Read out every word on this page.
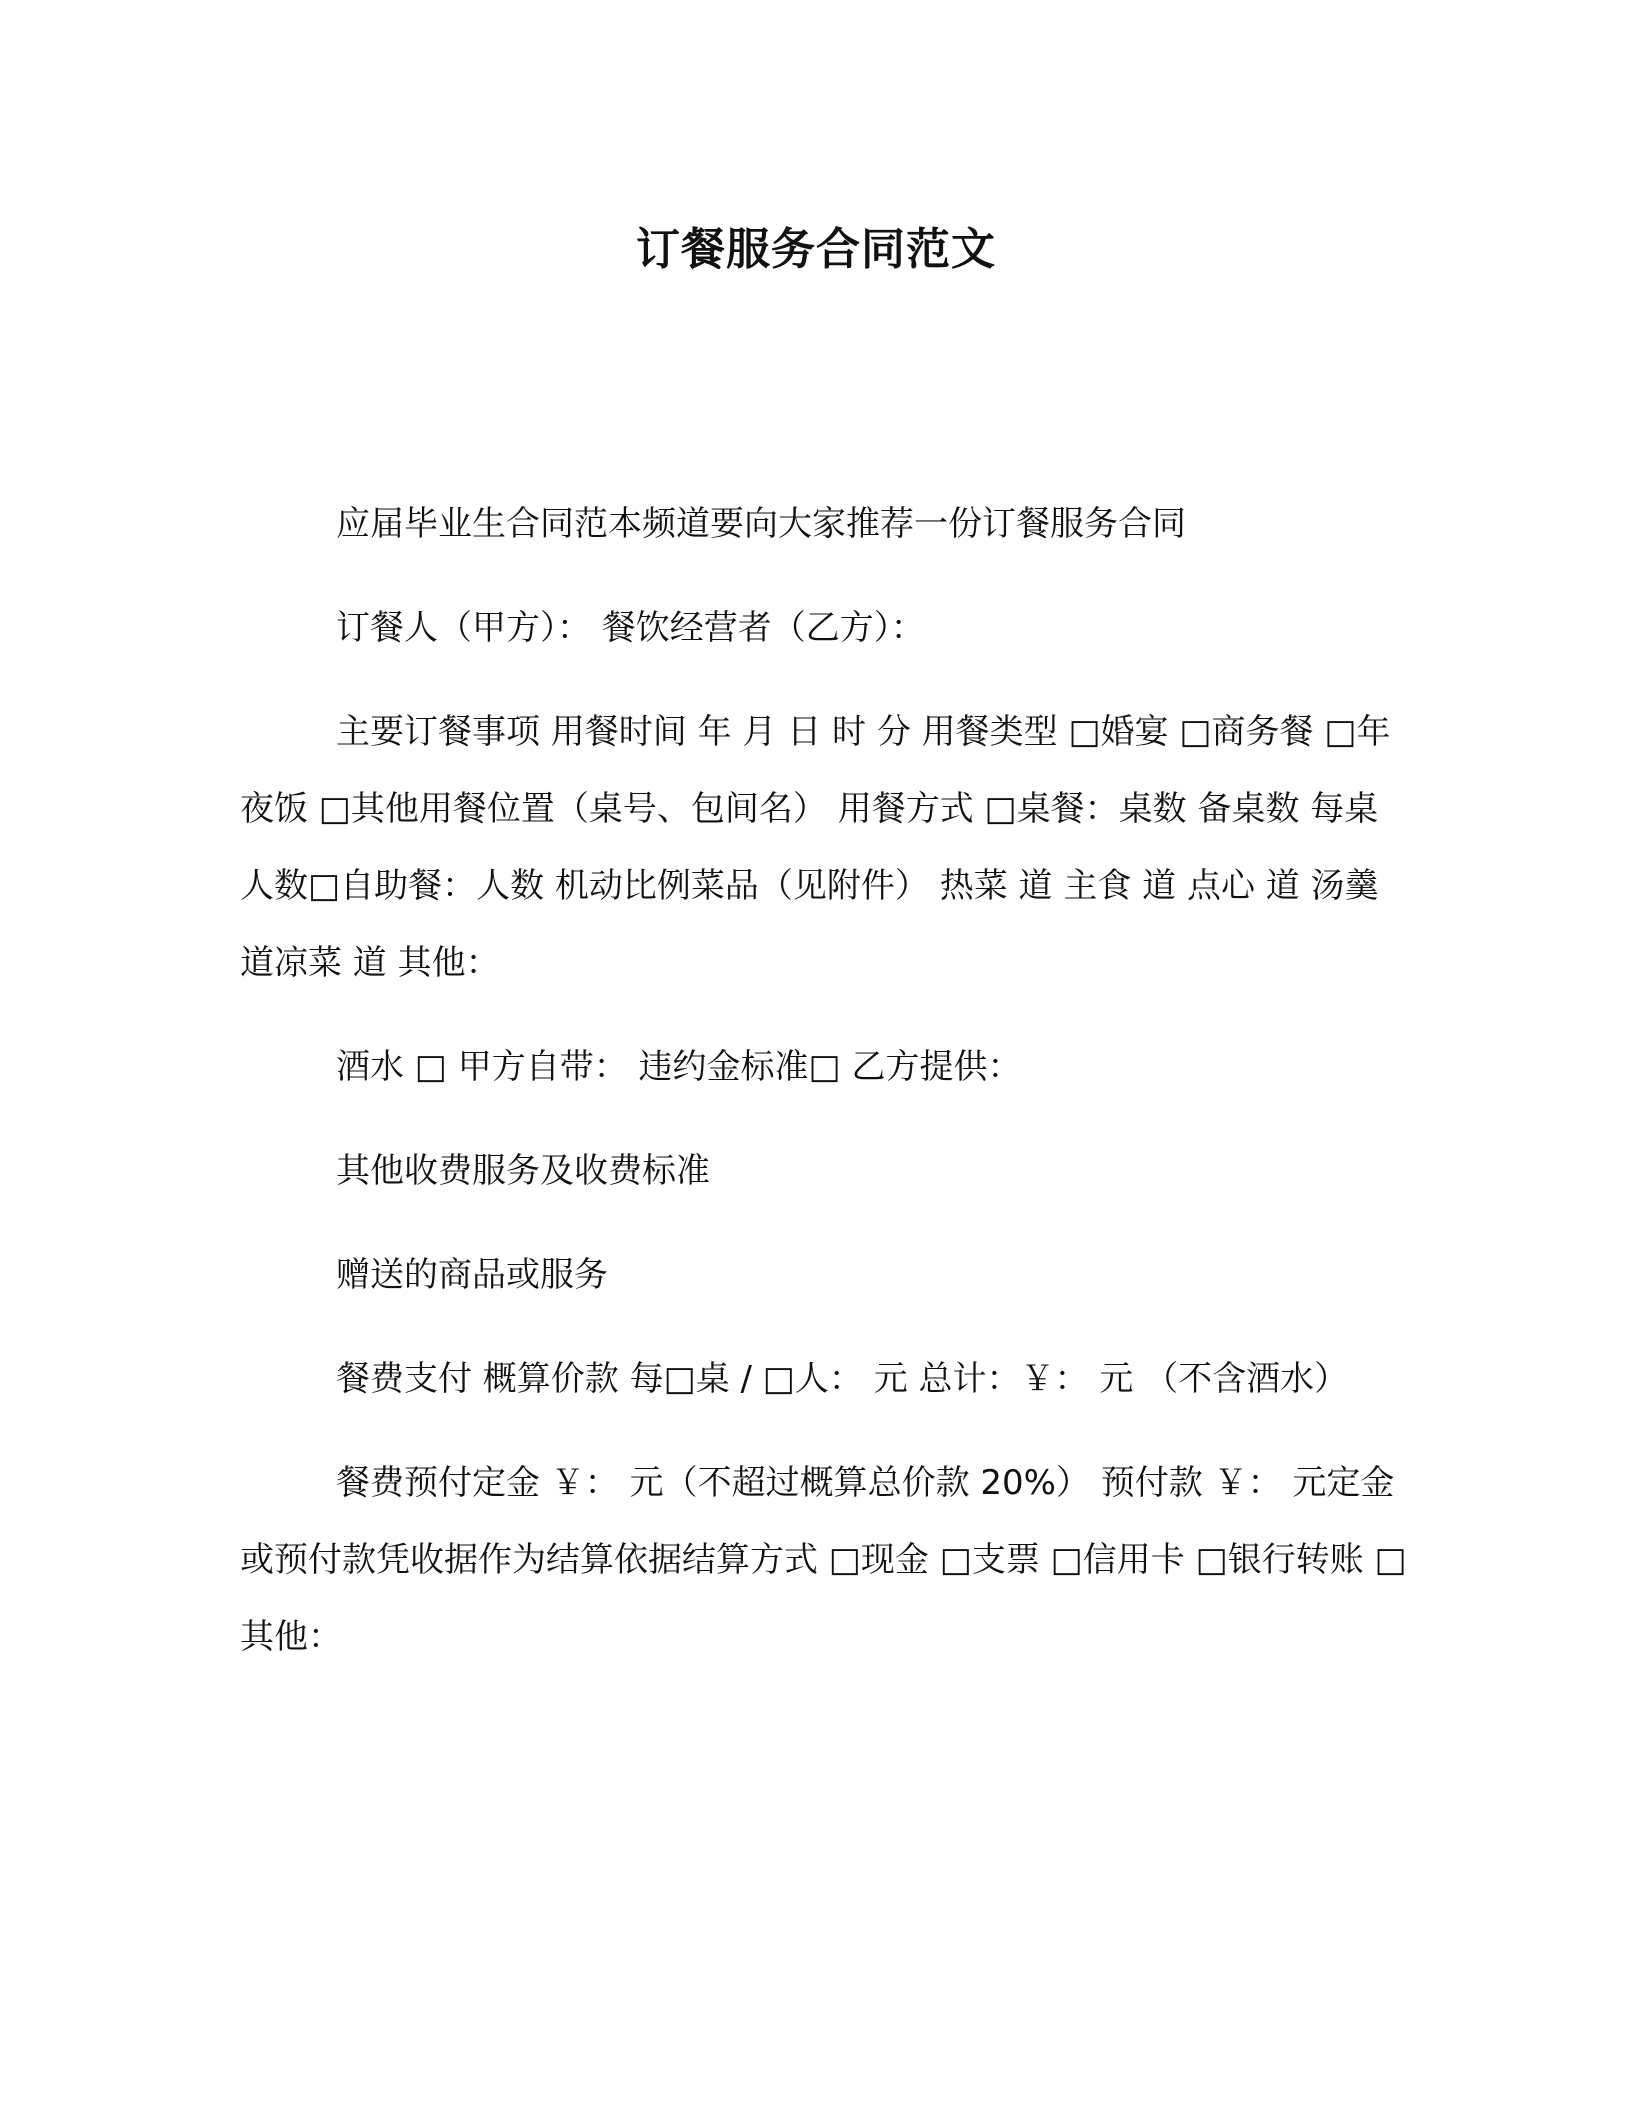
订餐服务合同范文

应届毕业生合同范本频道要向大家推荐一份订餐服务合同

订餐人（甲方）： 餐饮经营者（乙方）：

主要订餐事项 用餐时间 年 月 日 时 分 用餐类型 □婚宴 □商务餐 □年夜饭 □其他用餐位置（桌号、包间名） 用餐方式 □桌餐：桌数 备桌数 每桌人数□自助餐：人数 机动比例菜品（见附件） 热菜 道 主食 道 点心 道 汤羹 道凉菜 道 其他：

酒水 □ 甲方自带： 违约金标准□ 乙方提供：

其他收费服务及收费标准

赠送的商品或服务

餐费支付 概算价款 每□桌 / □人： 元 总计：￥： 元 （不含酒水）

餐费预付定金 ￥： 元（不超过概算总价款 20%） 预付款 ￥： 元定金或预付款凭收据作为结算依据结算方式 □现金 □支票 □信用卡 □银行转账 □其他：
